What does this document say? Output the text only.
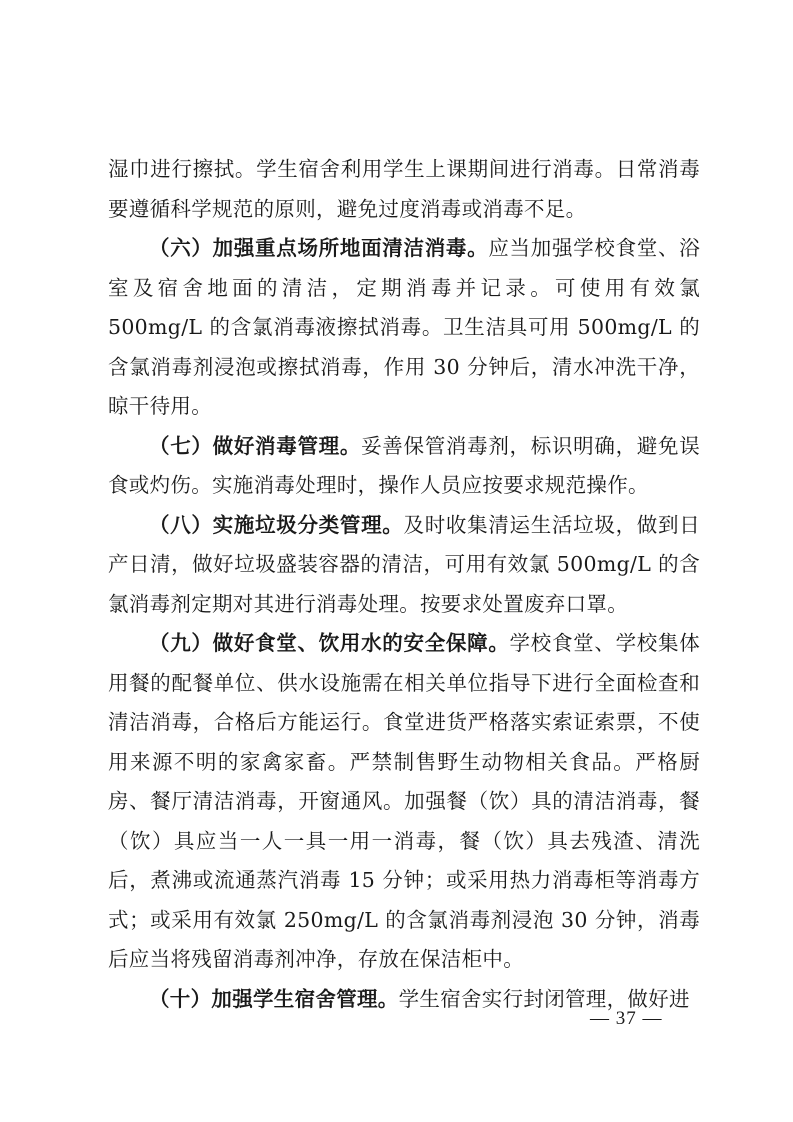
湿巾进行擦拭。学生宿舍利用学生上课期间进行消毒。日常消毒要遵循科学规范的原则，避免过度消毒或消毒不足。

（六）加强重点场所地面清洁消毒。应当加强学校食堂、浴室及宿舍地面的清洁，定期消毒并记录。可使用有效氯 500mg/L 的含氯消毒液擦拭消毒。卫生洁具可用 500mg/L 的含氯消毒剂浸泡或擦拭消毒，作用 30 分钟后，清水冲洗干净，晾干待用。

（七）做好消毒管理。妥善保管消毒剂，标识明确，避免误食或灼伤。实施消毒处理时，操作人员应按要求规范操作。

（八）实施垃圾分类管理。及时收集清运生活垃圾，做到日产日清，做好垃圾盛装容器的清洁，可用有效氯 500mg/L 的含氯消毒剂定期对其进行消毒处理。按要求处置废弃口罩。

（九）做好食堂、饮用水的安全保障。学校食堂、学校集体用餐的配餐单位、供水设施需在相关单位指导下进行全面检查和清洁消毒，合格后方能运行。食堂进货严格落实索证索票，不使用来源不明的家禽家畜。严禁制售野生动物相关食品。严格厨房、餐厅清洁消毒，开窗通风。加强餐（饮）具的清洁消毒，餐（饮）具应当一人一具一用一消毒，餐（饮）具去残渣、清洗后，煮沸或流通蒸汽消毒 15 分钟；或采用热力消毒柜等消毒方式；或采用有效氯 250mg/L 的含氯消毒剂浸泡 30 分钟，消毒后应当将残留消毒剂冲净，存放在保洁柜中。

（十）加强学生宿舍管理。学生宿舍实行封闭管理，做好进

— 37 —
